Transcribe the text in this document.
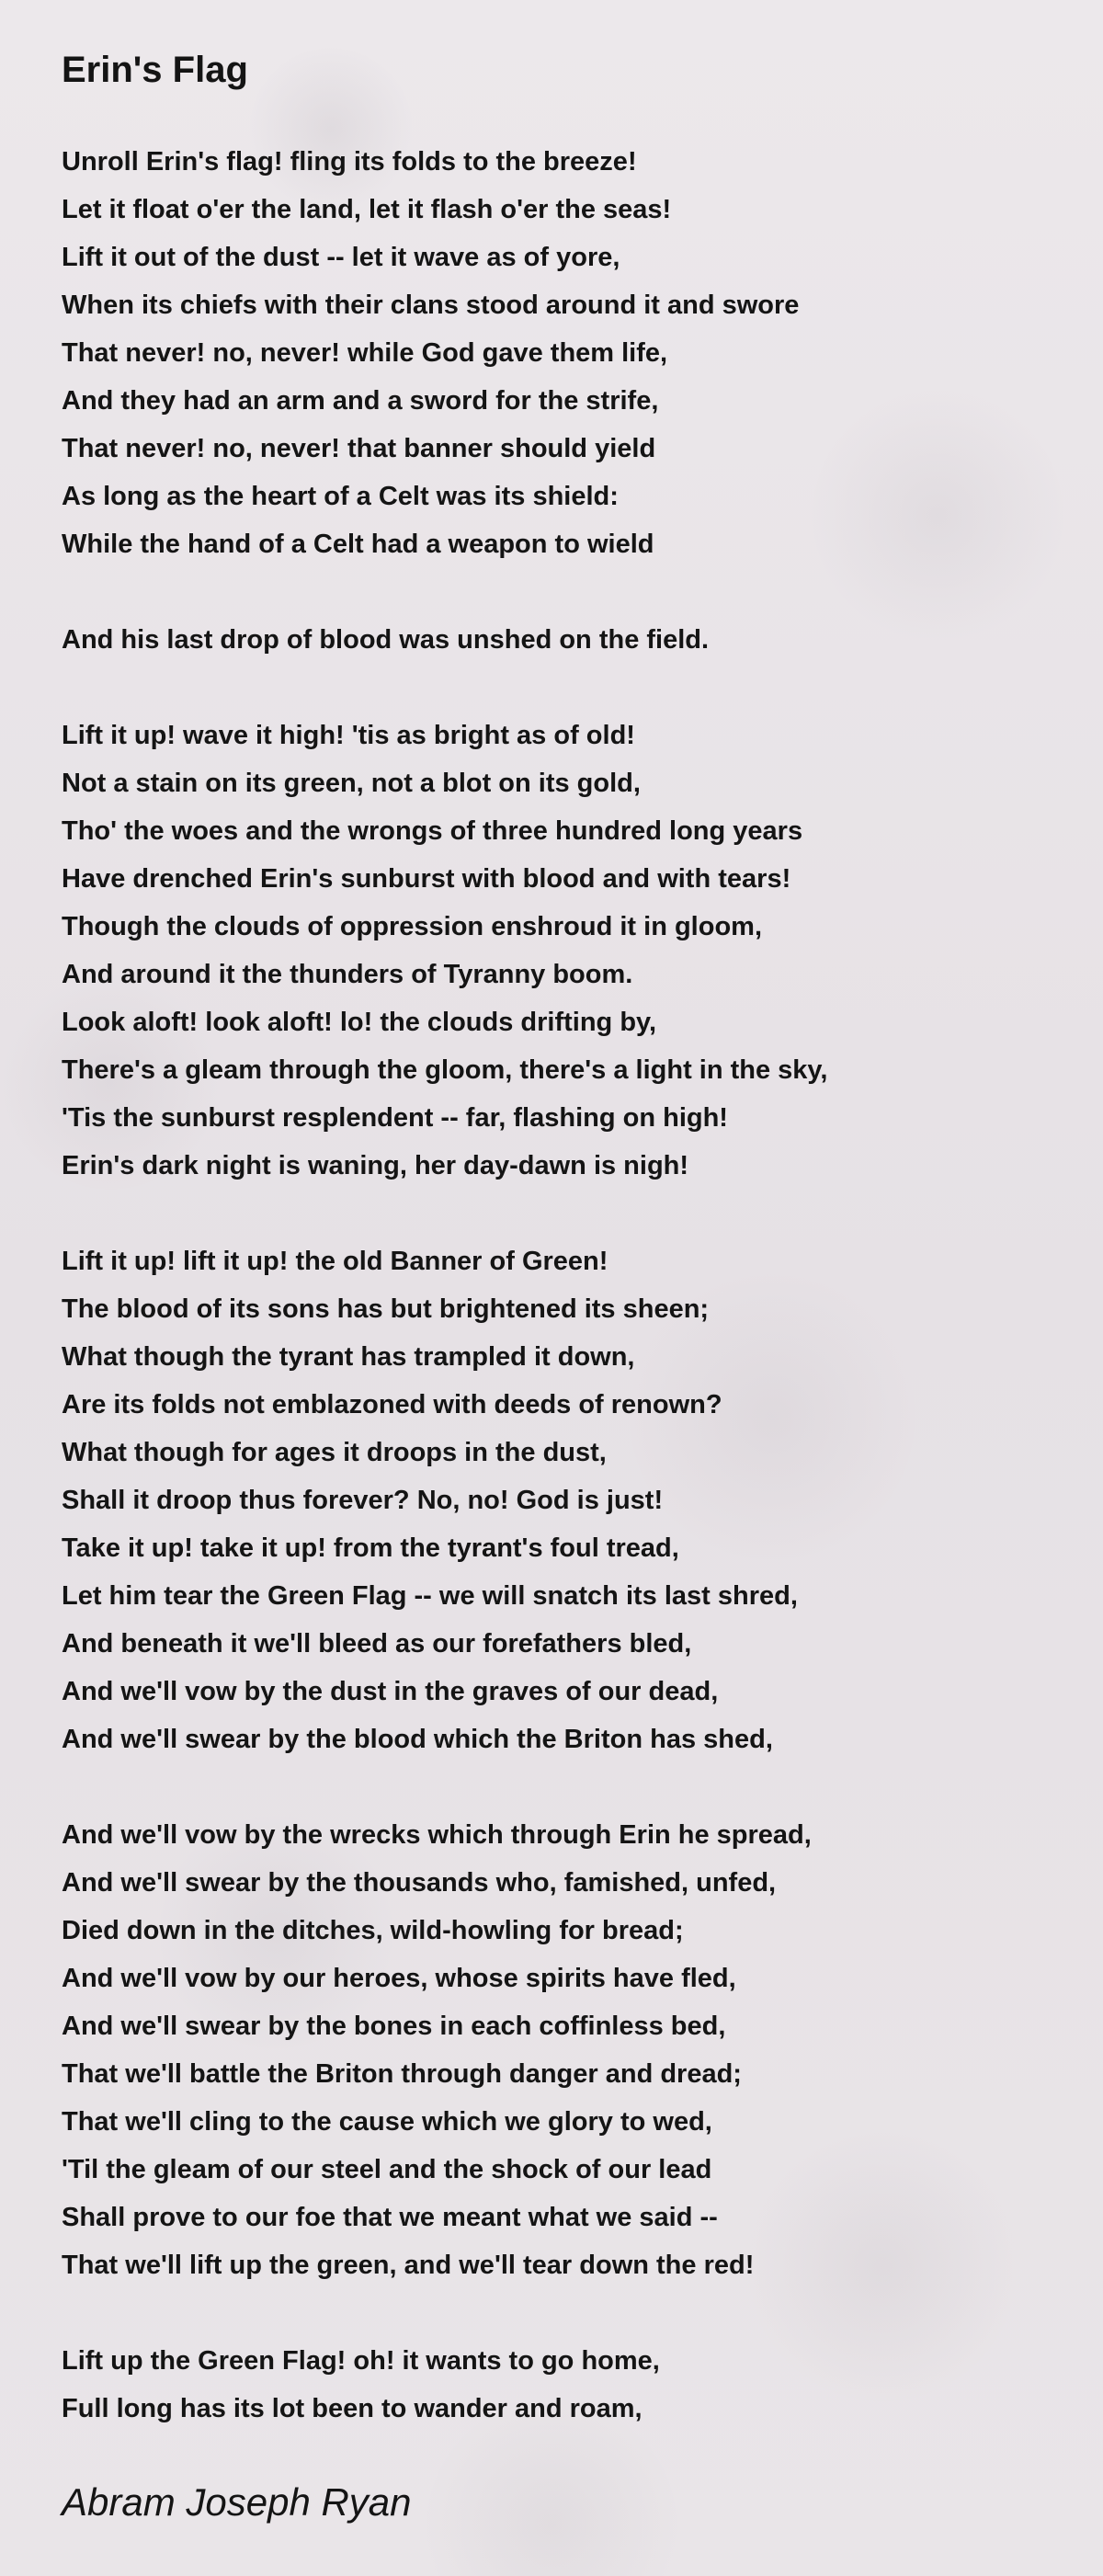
Erin's Flag
Unroll Erin's flag! fling its folds to the breeze!
Let it float o'er the land, let it flash o'er the seas!
Lift it out of the dust -- let it wave as of yore,
When its chiefs with their clans stood around it and swore
That never! no, never! while God gave them life,
And they had an arm and a sword for the strife,
That never! no, never! that banner should yield
As long as the heart of a Celt was its shield:
While the hand of a Celt had a weapon to wield
And his last drop of blood was unshed on the field.
Lift it up! wave it high! 'tis as bright as of old!
Not a stain on its green, not a blot on its gold,
Tho' the woes and the wrongs of three hundred long years
Have drenched Erin's sunburst with blood and with tears!
Though the clouds of oppression enshroud it in gloom,
And around it the thunders of Tyranny boom.
Look aloft! look aloft! lo! the clouds drifting by,
There's a gleam through the gloom, there's a light in the sky,
'Tis the sunburst resplendent -- far, flashing on high!
Erin's dark night is waning, her day-dawn is nigh!
Lift it up! lift it up! the old Banner of Green!
The blood of its sons has but brightened its sheen;
What though the tyrant has trampled it down,
Are its folds not emblazoned with deeds of renown?
What though for ages it droops in the dust,
Shall it droop thus forever? No, no! God is just!
Take it up! take it up! from the tyrant's foul tread,
Let him tear the Green Flag -- we will snatch its last shred,
And beneath it we'll bleed as our forefathers bled,
And we'll vow by the dust in the graves of our dead,
And we'll swear by the blood which the Briton has shed,
And we'll vow by the wrecks which through Erin he spread,
And we'll swear by the thousands who, famished, unfed,
Died down in the ditches, wild-howling for bread;
And we'll vow by our heroes, whose spirits have fled,
And we'll swear by the bones in each coffinless bed,
That we'll battle the Briton through danger and dread;
That we'll cling to the cause which we glory to wed,
'Til the gleam of our steel and the shock of our lead
Shall prove to our foe that we meant what we said --
That we'll lift up the green, and we'll tear down the red!
Lift up the Green Flag! oh! it wants to go home,
Full long has its lot been to wander and roam,

Abram Joseph Ryan
